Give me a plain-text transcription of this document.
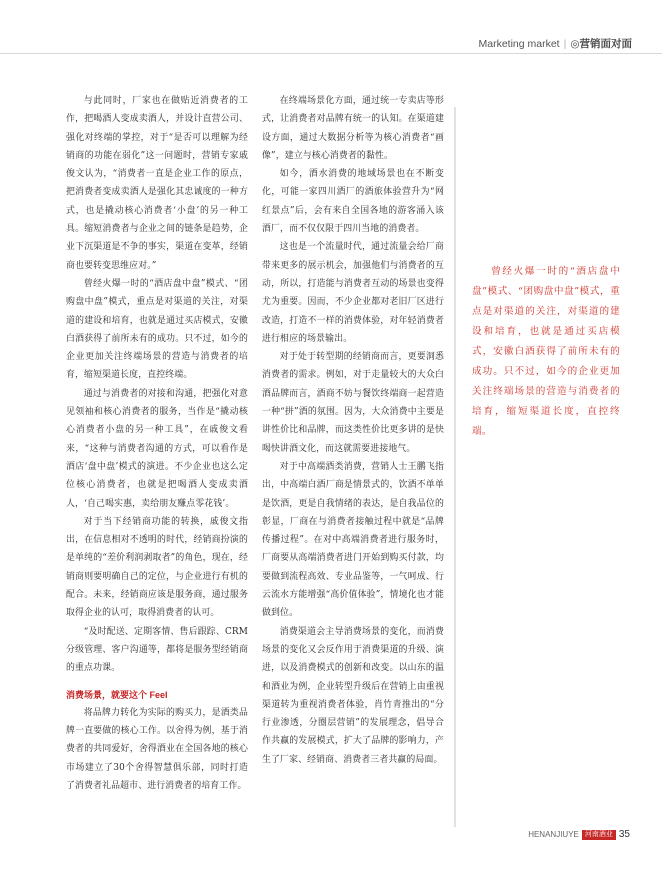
Marketing market | ◎营销面对面

与此同时，厂家也在做贴近消费者的工作，把喝酒人变成卖酒人，并设计直营公司、强化对终端的掌控，对于“是否可以理解为经销商的功能在弱化”这一问题时，营销专家戚俊文认为，“消费者一直是企业工作的原点，把消费者变成卖酒人是强化其忠诚度的一种方式，也是撬动核心消费者‘小盘’的另一种工具。缩短消费者与企业之间的链条是趋势，企业下沉渠道是不争的事实，渠道在变革，经销商也要转变思维应对。”

曾经火爆一时的“酒店盘中盘”模式、“团购盘中盘”模式，重点是对渠道的关注，对渠道的建设和培育，也就是通过买店模式，安徽白酒获得了前所未有的成功。只不过，如今的企业更加关注终端场景的营造与消费者的培育，缩短渠道长度，直控终端。

通过与消费者的对接和沟通，把强化对意见领袖和核心消费者的服务，当作是“撬动核心消费者小盘的另一种工具”，在戚俊文看来，“这种与消费者沟通的方式，可以看作是酒店‘盘中盘’模式的演进。不少企业也这么定位核心消费者，也就是把喝酒人变成卖酒人，‘自己喝实惠，卖给朋友赚点零花钱’。

对于当下经销商功能的转换，戚俊文指出，在信息相对不透明的时代，经销商扮演的是单纯的“差价利润剥取者”的角色，现在，经销商则要明确自己的定位，与企业进行有机的配合。未来，经销商应该是服务商，通过服务取得企业的认可，取得消费者的认可。

“及时配送、定期客情、售后跟踪、CRM分级管理、客户沟通等，都将是服务型经销商的重点功课。

消费场景，就要这个 Feel

将品牌力转化为实际的购买力，是酒类品牌一直要做的核心工作。以舍得为例，基于消费者的共同爱好，舍得酒业在全国各地的核心市场建立了30个舍得智慧俱乐部，同时打造了消费者礼品超市、进行消费者的培育工作。

在终端场景化方面，通过统一专卖店等形式，让消费者对品牌有统一的认知。在渠道建设方面，通过大数据分析等为核心消费者“画像”，建立与核心消费者的黏性。

如今，酒水消费的地域场景也在不断变化，可能一家四川酒厂的酒旅体验营升为“网红景点”后，会有来自全国各地的游客涌入该酒厂，而不仅仅限于四川当地的消费者。

这也是一个流量时代，通过流量会给厂商带来更多的展示机会，加强他们与消费者的互动，所以，打造能与消费者互动的场景也变得尤为重要。因而，不少企业都对老旧厂区进行改造，打造不一样的消费体验，对年轻消费者进行相应的场景输出。

对于处于转型期的经销商而言，更要洞悉消费者的需求。例如，对于走量较大的大众白酒品牌而言，酒商不妨与餐饮终端商一起营造一种“拼”酒的氛围。因为，大众消费中主要是讲性价比和品牌，而这类性价比更多讲的是快喝快讲酒文化，而这就需要进接地气。

对于中高端酒类消费，营销人士王鹏飞指出，中高端白酒厂商是情景式的，饮酒不单单是饮酒，更是自我情绪的表达，是自我品位的彰显，厂商在与消费者接触过程中就是“品牌传播过程”。在对中高端消费者进行服务时，厂商要从高端消费者进门开始到购买付款，均要做到流程高效、专业品鉴等，一气呵成、行云流水方能增强“高价值体验”，情境化也才能做到位。

消费渠道会主导消费场景的变化，而消费场景的变化又会反作用于消费渠道的升级、演进，以及消费模式的创新和改变。以山东的温和酒业为例，企业转型升级后在营销上由重视渠道转为重视消费者体验，肖竹青推出的“分行业渗透，分圈层营销”的发展理念，倡导合作共赢的发展模式，扩大了品牌的影响力，产生了厂家、经销商、消费者三者共赢的局面。

曾经火爆一时的“酒店盘中盘”模式、“团购盘中盘”模式，重点是对渠道的关注，对渠道的建设和培育，也就是通过买店模式，安徽白酒获得了前所未有的成功。只不过，如今的企业更加关注终端场景的营造与消费者的培育，缩短渠道长度，直控终端。
HENANJIUYE 河南酒业 35
